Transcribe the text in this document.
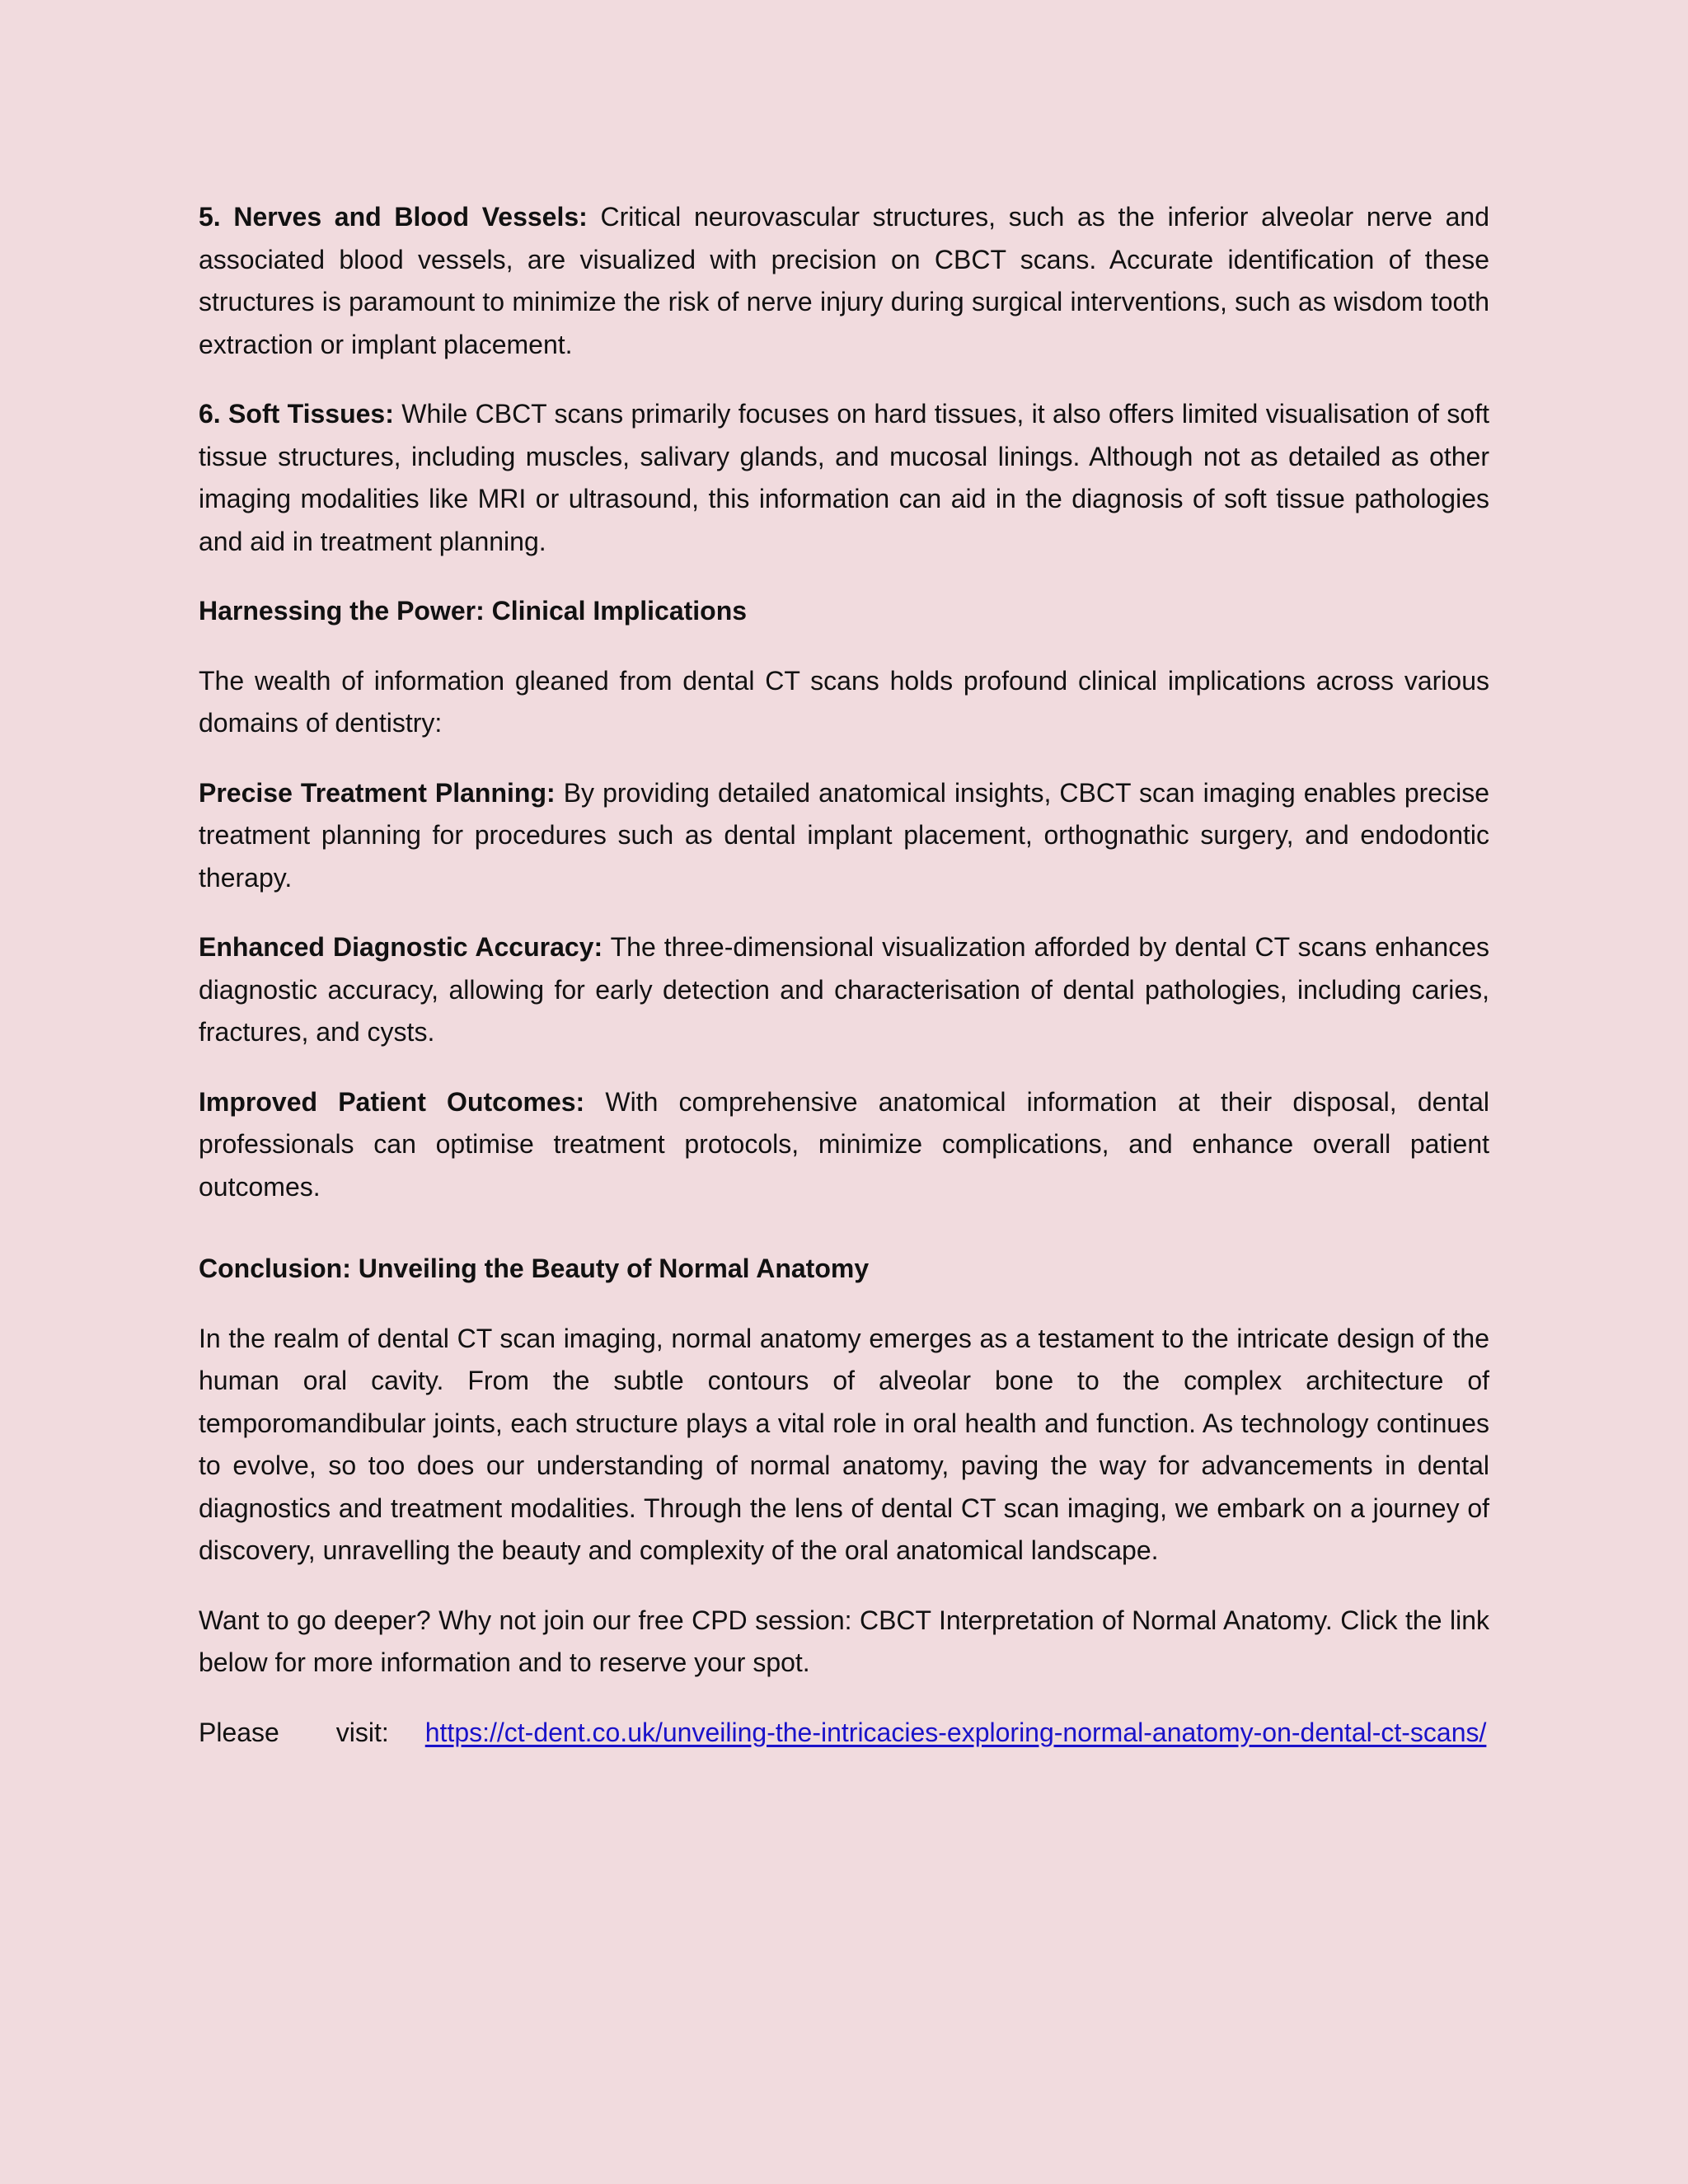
5. Nerves and Blood Vessels: Critical neurovascular structures, such as the inferior alveolar nerve and associated blood vessels, are visualized with precision on CBCT scans. Accurate identification of these structures is paramount to minimize the risk of nerve injury during surgical interventions, such as wisdom tooth extraction or implant placement.

6. Soft Tissues: While CBCT scans primarily focuses on hard tissues, it also offers limited visualisation of soft tissue structures, including muscles, salivary glands, and mucosal linings. Although not as detailed as other imaging modalities like MRI or ultrasound, this information can aid in the diagnosis of soft tissue pathologies and aid in treatment planning.

Harnessing the Power: Clinical Implications

The wealth of information gleaned from dental CT scans holds profound clinical implications across various domains of dentistry:

Precise Treatment Planning: By providing detailed anatomical insights, CBCT scan imaging enables precise treatment planning for procedures such as dental implant placement, orthognathic surgery, and endodontic therapy.

Enhanced Diagnostic Accuracy: The three-dimensional visualization afforded by dental CT scans enhances diagnostic accuracy, allowing for early detection and characterisation of dental pathologies, including caries, fractures, and cysts.

Improved Patient Outcomes: With comprehensive anatomical information at their disposal, dental professionals can optimise treatment protocols, minimize complications, and enhance overall patient outcomes.

Conclusion: Unveiling the Beauty of Normal Anatomy

In the realm of dental CT scan imaging, normal anatomy emerges as a testament to the intricate design of the human oral cavity. From the subtle contours of alveolar bone to the complex architecture of temporomandibular joints, each structure plays a vital role in oral health and function. As technology continues to evolve, so too does our understanding of normal anatomy, paving the way for advancements in dental diagnostics and treatment modalities. Through the lens of dental CT scan imaging, we embark on a journey of discovery, unravelling the beauty and complexity of the oral anatomical landscape.

Want to go deeper? Why not join our free CPD session: CBCT Interpretation of Normal Anatomy. Click the link below for more information and to reserve your spot.

Please visit: https://ct-dent.co.uk/unveiling-the-intricacies-exploring-normal-anatomy-on-dental-ct-scans/
